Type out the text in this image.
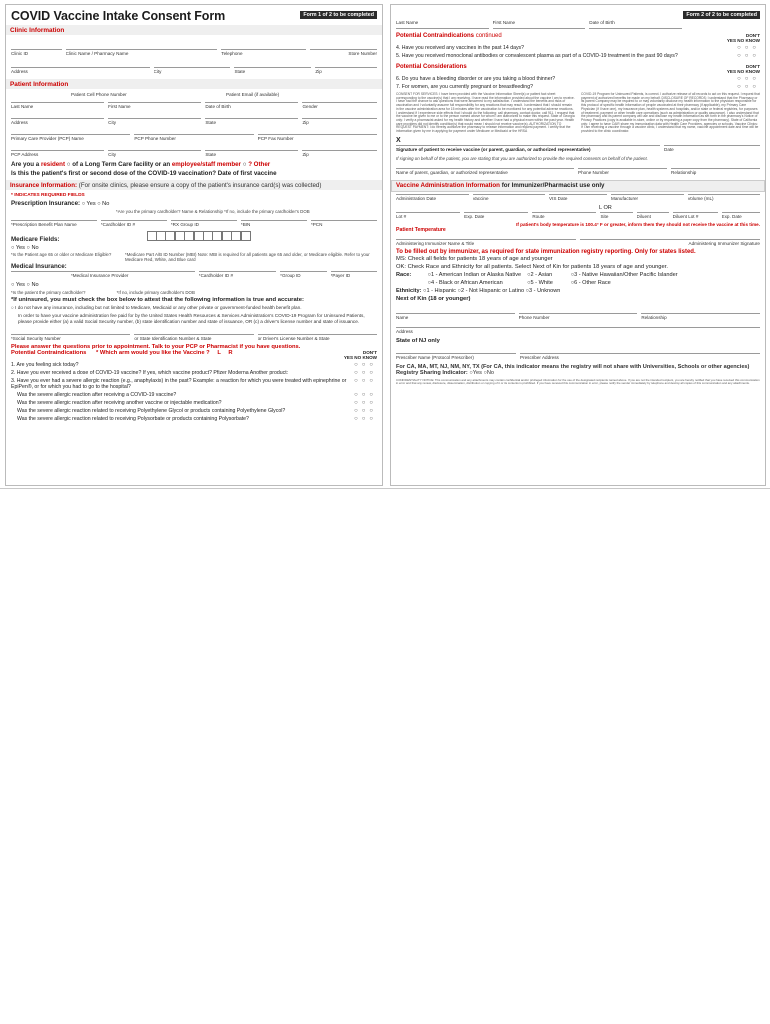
COVID Vaccine Intake Consent Form	Form 1 of 2 to be completed
Clinic Information
Clinic ID	Clinic Name / Pharmacy Name	Telephone	Store Number
Address	City	State	Zip
Patient Information
Patient Cell Phone Number	Patient Email (if available)
Last Name	First Name	Date of Birth	Gender
Address	City	State	Zip
Primary Care Provider (PCP) Name	PCP Phone Number	PCP Fax Number
PCP Address	City	State	Zip
Are you a resident ○ of a Long Term Care facility or an employee/staff member ○ ? Other
Is this the patient's first or second dose of the COVID-19 vaccination? Date of first vaccine
Insurance Information: (For onsite clinics, please ensure a copy of the patient's insurance card(s) was collected)
* INDICATES REQUIRED FIELDS
Prescription Insurance: ○ Yes ○ No
*Are you the primary cardholder? Name & Relationship *If no, include the primary cardholder's DOB
*Prescription Benefit Plan Name	*Cardholder ID #	*RX Group ID	*BIN	*PCN
Medicare Fields:
○ Yes ○ No
*Is the Patient age 65 or older or Medicare Eligible?	*Medicare Part A/B ID Number (MBI) Note: MBI is required for all patients age 65 and older, or Medicare eligible. Refer to your Medicare Red, White, and Blue card
Medical Insurance:
*Medical Insurance Provider	*Cardholder ID #	*Group ID	*Payer ID
○ Yes ○ No
*Is the patient the primary cardholder?	*If no, include primary cardholder's DOB
*If uninsured, you must check the box below to attest that the following information is true and accurate:
○ I do not have any insurance, including but not limited to Medicare, Medicaid or any other private or government-funded health benefit plan.
In order to have your vaccine administration fee paid for by the United States Health Resources & Services Administration's COVID-19 Program for Uninsured Patients, please provide either (a) a valid Social Security number, (b) state identification number and state of issuance, OR (c) a driver's license number and state of issuance.
*Social Security Number	or State Identification Number & State	or Driver's License Number & State
Please answer the questions prior to appointment. Talk to your PCP or Pharmacist if you have questions.
Potential Contraindications * Which arm would you like the Vaccine ? L R	DON'T
YES NO KNOW
1. Are you feeling sick today?	○○○
2. Have you ever received a dose of COVID-19 vaccine? If yes, which vaccine product? Pfizer Moderna Another product:	○○○
3. Have you ever had a severe allergic reaction (e.g., anaphylaxis) in the past? Example: a reaction for which you were treated with epinephrine or EpiPen®, or for which you had to go to the hospital?
○○○
Was the severe allergic reaction after receiving a COVID-19 vaccine?	○○○
Was the severe allergic reaction after receiving another vaccine or injectable medication?	○○○
Was the severe allergic reaction related to receiving Polyethylene Glycol or products containing Polyethylene Glycol?	○○○
Was the severe allergic reaction related to receiving Polysorbate or products containing Polysorbate?	○○○
Form 2 of 2 to be completed
Last Name	First Name	Date of Birth
Potential Contraindications continued	DON'T
YES NO KNOW
4. Have you received any vaccines in the past 14 days?	○○○
5. Have you received monoclonal antibodies or convalescent plasma as part of a COVID-19 treatment in the past 90 days?	○○○
Potential Considerations	DON'T
YES NO KNOW
6. Do you have a bleeding disorder or are you taking a blood thinner?	○○○
7. For women, are you currently pregnant or breastfeeding?	○○○
CONSENT FOR SERVICES: I have been provided with the Vaccine Information Sheet(s) or patient fact sheet corresponding to the vaccine(s) that I am receiving. I have read the information provided about the vaccine I am to receive. I have had the chance to ask questions that were answered to my satisfaction. I understand the benefits and risks of vaccination and I voluntarily assume full responsibility for any reactions that may result. I understand that I should remain in the vaccine administration area for 15 minutes after the vaccination to be monitored for any potential adverse reactions. I understand if I experience side effects that I should do the following: call pharmacy, contact doctor, call 911. I request that the vaccine be given to me or to the person named above for whom I am authorized to make this request. State of Georgia only: I verify a pharmacist asked for my health history and whether I have had a physical exam within the past year. Health care providers did not identify condition(s) that would mean I should not receive vaccine(s). AUTHORIZATION TO REQUEST PAYMENT: I do hereby authorize the pharmacy to release information and request payment. I certify that the information given by me in applying for payment under Medicare or Medicaid or the HRSA
COVID-19 Program for Uninsured Patients, is correct. I authorize release of all records to act on this request. I request that payment of authorized benefits be made on my behalf. DISCLOSURE OF RECORDS: I understand that the Pharmacy or its parent Company may be required to or may voluntarily disclose my health information to the physician responsible for this protocol of specific health information of people vaccinated at their pharmacy (if applicable), my Primary Care Physician (if I have one), my insurance plan, health systems and hospitals, and/or state or federal registries, for purposes of treatment, payment or other health care operations (such as administration or quality assurance). I also understand that the pharmacy and its parent company will use and disclose my health information as set forth in the pharmacy's Notice of Privacy Practices (copy is available in-store, online or by requesting a paper copy from the pharmacy). State of California only: I agree to have CAIR share my immunization data with Health Care Providers, agencies or schools. Vaccine Clinics: If I am receiving a vaccine through a vaccine clinic, I understand that my name, vaccine appointment date and time will be provided to the clinic coordinator.
X
Signature of patient to receive vaccine (or parent, guardian, or authorized representative)	Date
If signing on behalf of the patient, you are stating that you are authorized to provide the required consents on behalf of the patient.
Name of parent, guardian, or authorized representative	Phone Number	Relationship
Vaccine Administration Information for Immunizer/Pharmacist use only
Administration Date	Vaccine	VIS Date	Manufacturer	Volume (mL)
L OR
Lot #	Exp. Date	Route	Site	Diluent	Diluent Lot #	Exp. Date
If patient's body temperature is 100.4° F or greater, inform them they should not receive the vaccine at this time.
Patient Temperature
Administering Immunizer Name & Title	Administering Immunizer Signature
To be filled out by immunizer, as required for state immunization registry reporting. Only for states listed.
MS: Check all fields for patients 18 years of age and younger
OK: Check Race and Ethnicity for all patients. Select Next of Kin for patients 18 years of age and younger.
Race:	○1 - American Indian or Alaska Native ○2 - Asian	○3 - Native Hawaiian/Other Pacific Islander
○4 - Black or African American	○5 - White	○6 - Other Race
Ethnicity: ○1 - Hispanic ○2 - Not Hispanic or Latino ○3 - Unknown
Next of Kin (18 or younger)
Name	Phone Number	Relationship
Address
State of NJ only
Prescriber Name (Protocol Prescriber)	Prescriber Address
For CA, MA, MT, NJ, NM, NY, TX (For CA, this indicator means the registry will not share with Universities, Schools or other agencies) Registry Sharing Indicator: ○Yes ○No
CONFIDENTIALITY NOTICE: This communication and any attachments may contain confidential and/or privileged information for the use of the designated recipients named above. If you are not the intended recipient, you are hereby notified that you have received this communication in error and that any review, disclosure, dissemination, distribution or copying of it or its contents is prohibited. If you have received this communication in error, please notify the sender immediately by telephone and destroy all copies of this communication and any attachments.
